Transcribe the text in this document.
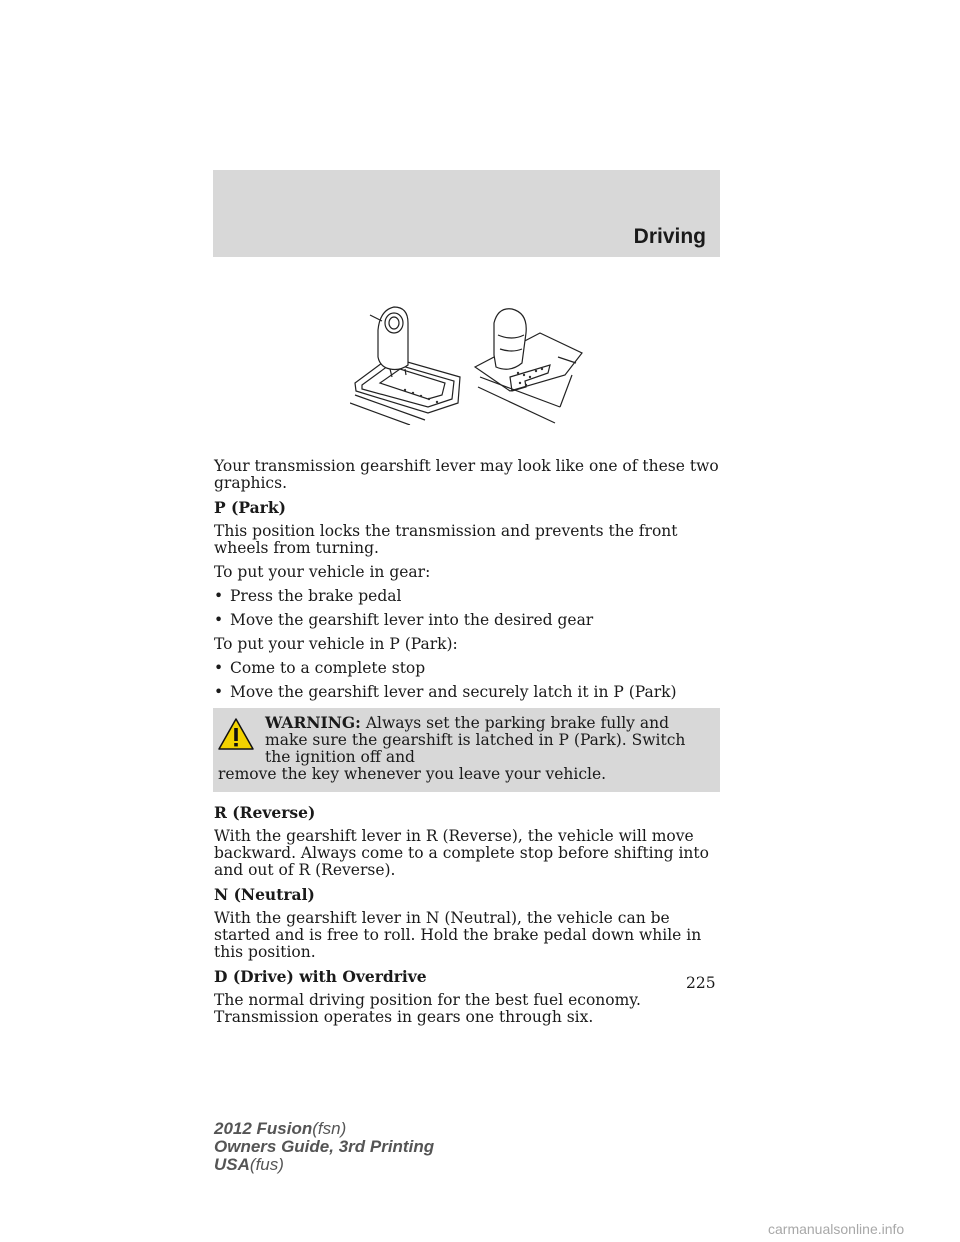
Driving

Your transmission gearshift lever may look like one of these two graphics.

P (Park)

This position locks the transmission and prevents the front wheels from turning.

To put your vehicle in gear:

• Press the brake pedal
• Move the gearshift lever into the desired gear

To put your vehicle in P (Park):

• Come to a complete stop
• Move the gearshift lever and securely latch it in P (Park)
WARNING: Always set the parking brake fully and make sure the gearshift is latched in P (Park). Switch the ignition off and
remove the key whenever you leave your vehicle.

R (Reverse)

With the gearshift lever in R (Reverse), the vehicle will move backward. Always come to a complete stop before shifting into and out of R (Reverse).

N (Neutral)

With the gearshift lever in N (Neutral), the vehicle can be started and is free to roll. Hold the brake pedal down while in this position.

D (Drive) with Overdrive

The normal driving position for the best fuel economy. Transmission operates in gears one through six.

225
2012 Fusion(fsn)
Owners Guide, 3rd Printing
USA(fus)
carmanualsonline.info
